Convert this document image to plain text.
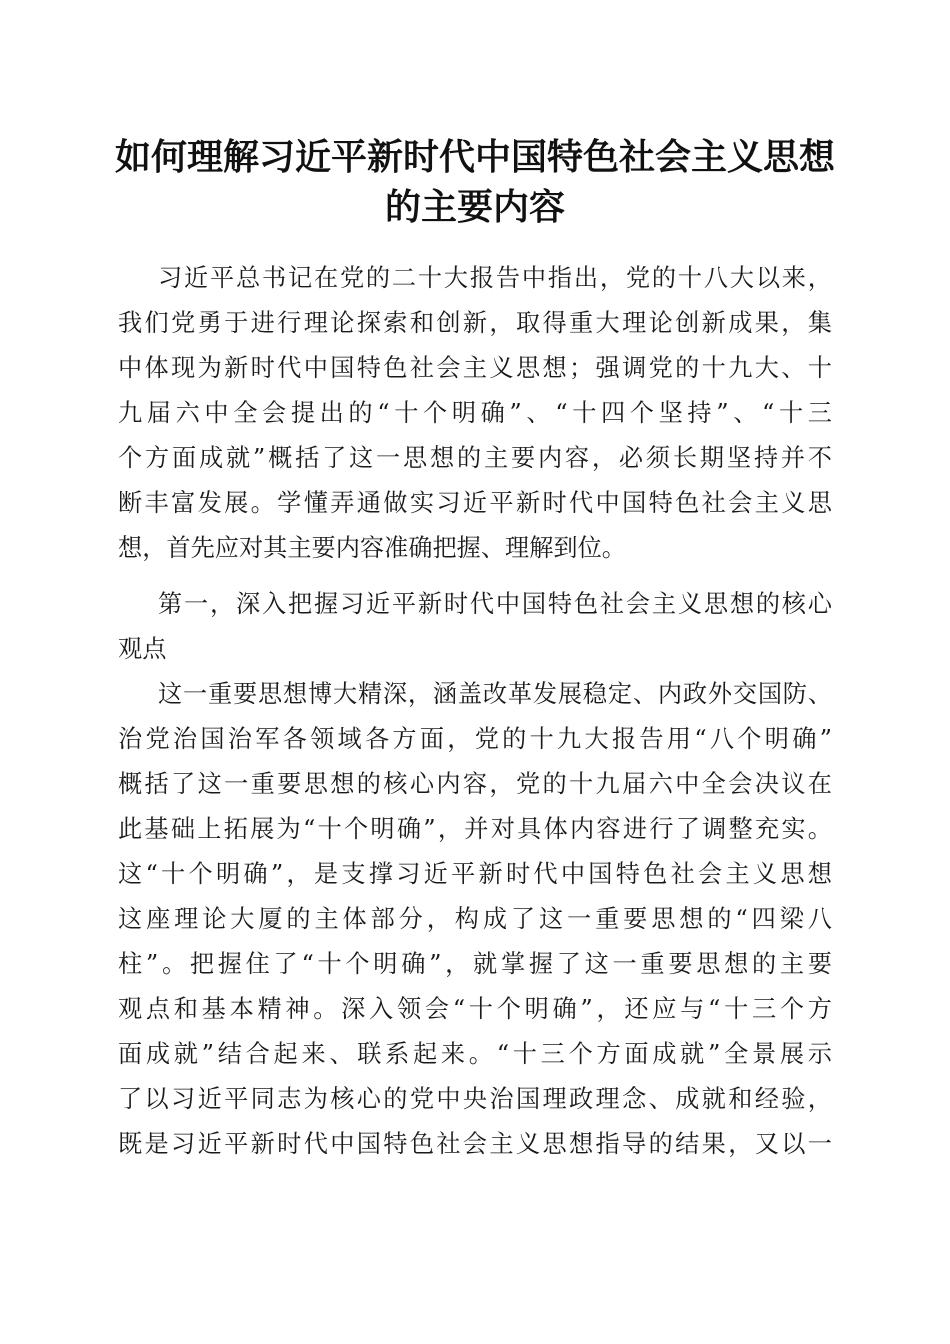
如何理解习近平新时代中国特色社会主义思想
的主要内容
习近平总书记在党的二十大报告中指出，党的十八大以来，
我们党勇于进行理论探索和创新，取得重大理论创新成果，集
中体现为新时代中国特色社会主义思想；强调党的十九大、十
九届六中全会提出的“十个明确”、“十四个坚持”、“十三
个方面成就”概括了这一思想的主要内容，必须长期坚持并不
断丰富发展。学懂弄通做实习近平新时代中国特色社会主义思
想，首先应对其主要内容准确把握、理解到位。
第一，深入把握习近平新时代中国特色社会主义思想的核心
观点
这一重要思想博大精深，涵盖改革发展稳定、内政外交国防、
治党治国治军各领域各方面，党的十九大报告用“八个明确”
概括了这一重要思想的核心内容，党的十九届六中全会决议在
此基础上拓展为“十个明确”，并对具体内容进行了调整充实。
这“十个明确”，是支撑习近平新时代中国特色社会主义思想
这座理论大厦的主体部分，构成了这一重要思想的“四梁八
柱”。把握住了“十个明确”，就掌握了这一重要思想的主要
观点和基本精神。深入领会“十个明确”，还应与“十三个方
面成就”结合起来、联系起来。“十三个方面成就”全景展示
了以习近平同志为核心的党中央治国理政理念、成就和经验，
既是习近平新时代中国特色社会主义思想指导的结果，又以一
